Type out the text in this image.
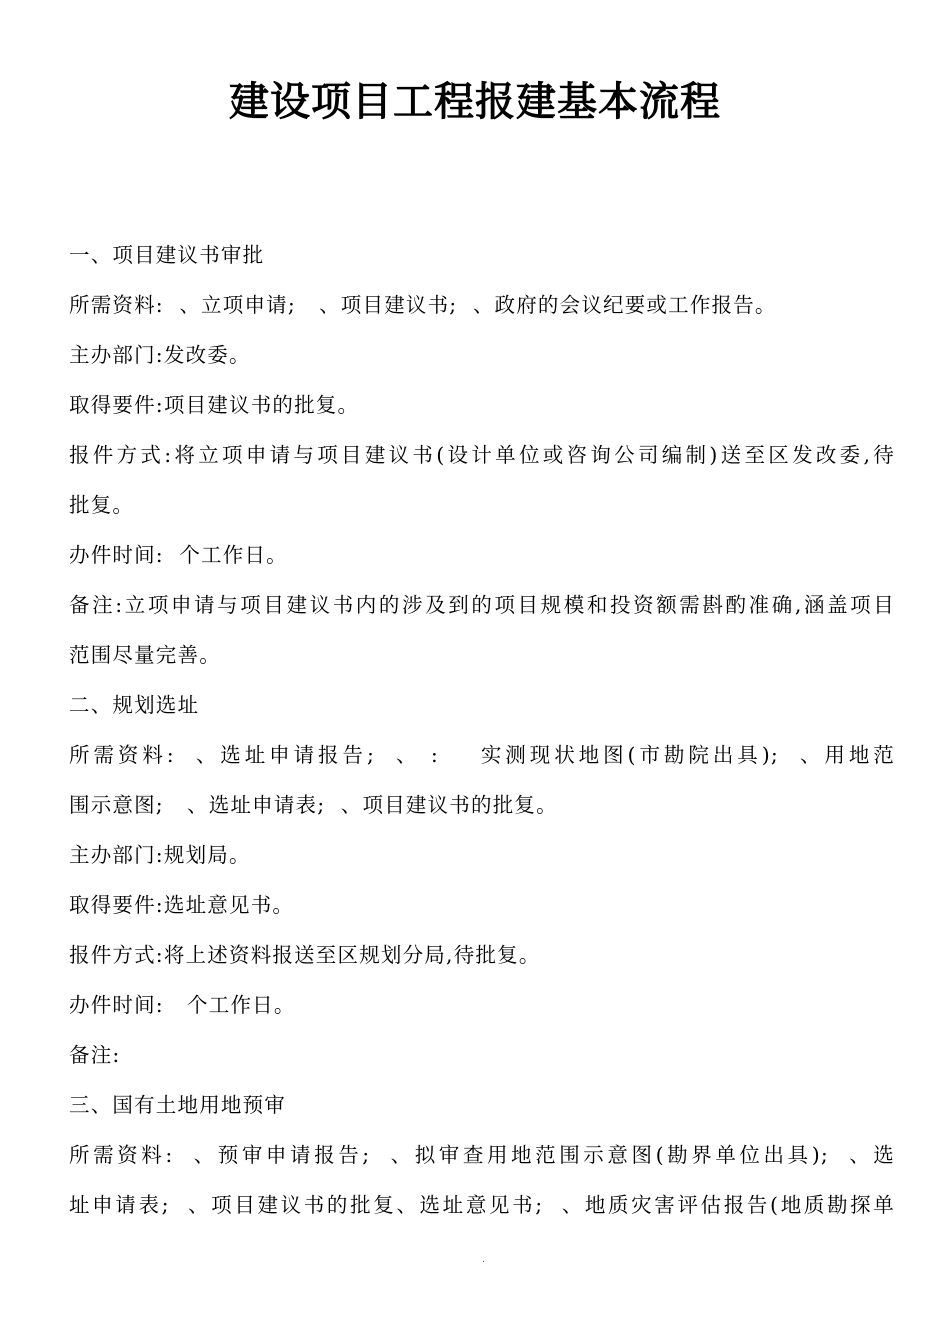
建设项目工程报建基本流程

一、项目建议书审批

所需资料:  、立项申请;   、项目建议书;  、政府的会议纪要或工作报告。

主办部门:发改委。

取得要件:项目建议书的批复。

报件方式:将立项申请与项目建议书(设计单位或咨询公司编制)送至区发改委,待

批复。

办件时间:  个工作日。

备注:立项申请与项目建议书内的涉及到的项目规模和投资额需斟酌准确,涵盖项目

范围尽量完善。

二、规划选址

所需资料:  、选址申请报告;  、 :    实测现状地图(市勘院出具);  、用地范

围示意图;   、选址申请表;  、项目建议书的批复。

主办部门:规划局。

取得要件:选址意见书。

报件方式:将上述资料报送至区规划分局,待批复。

办件时间:   个工作日。

备注:

三、国有土地用地预审

所需资料:  、预审申请报告;  、拟审查用地范围示意图(勘界单位出具);  、选

址申请表;  、项目建议书的批复、选址意见书;  、地质灾害评估报告(地质勘探单

.
